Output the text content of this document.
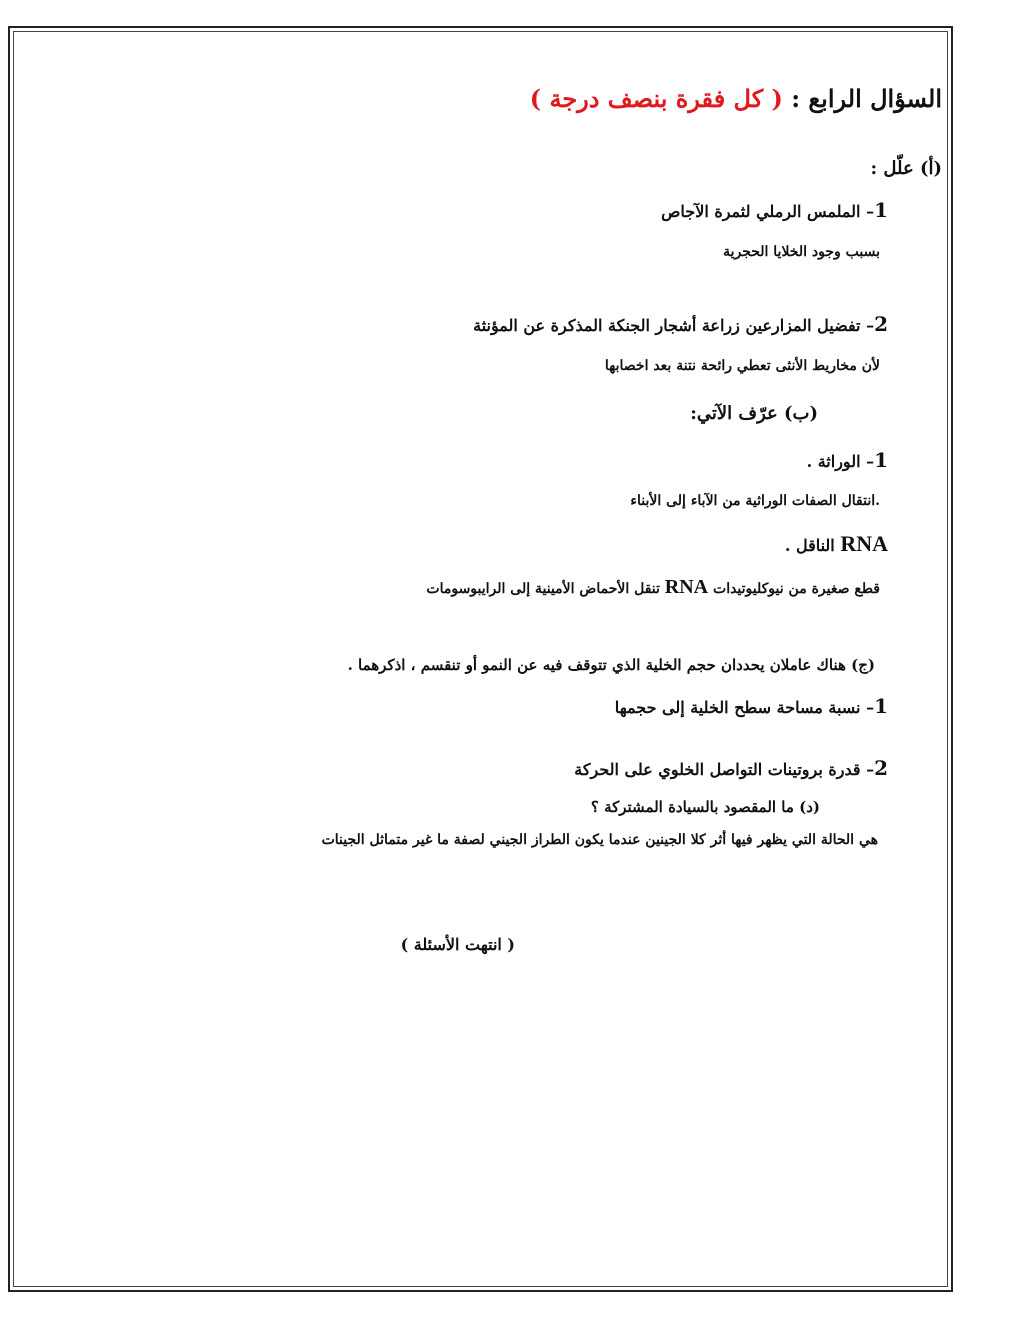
السؤال الرابع : ( كل فقرة بنصف درجة )
(أ) علّل :
1– الملمس الرملي لثمرة الآجاص
بسبب وجود الخلايا الحجرية
2– تفضيل المزارعين زراعة أشجار الجنكة المذكرة عن المؤنثة
لأن مخاريط الأنثى تعطي رائحة نتنة بعد اخصابها
(ب) عرّف الآتي:
1– الوراثة .
.انتقال الصفات الوراثية من الآباء إلى الأبناء
RNA الناقل .
قطع صغيرة من نيوكليوتيدات RNA تنقل الأحماض الأمينية إلى الرايبوسومات
(ج) هناك عاملان يحددان حجم الخلية الذي تتوقف فيه عن النمو أو تنقسم ، اذكرهما .
1– نسبة مساحة سطح الخلية إلى حجمها
2– قدرة بروتينات التواصل الخلوي على الحركة
(د) ما المقصود بالسيادة المشتركة ؟
هي الحالة التي يظهر فيها أثر كلا الجينين عندما يكون الطراز الجيني لصفة ما غير متماثل الجينات
( انتهت الأسئلة )
